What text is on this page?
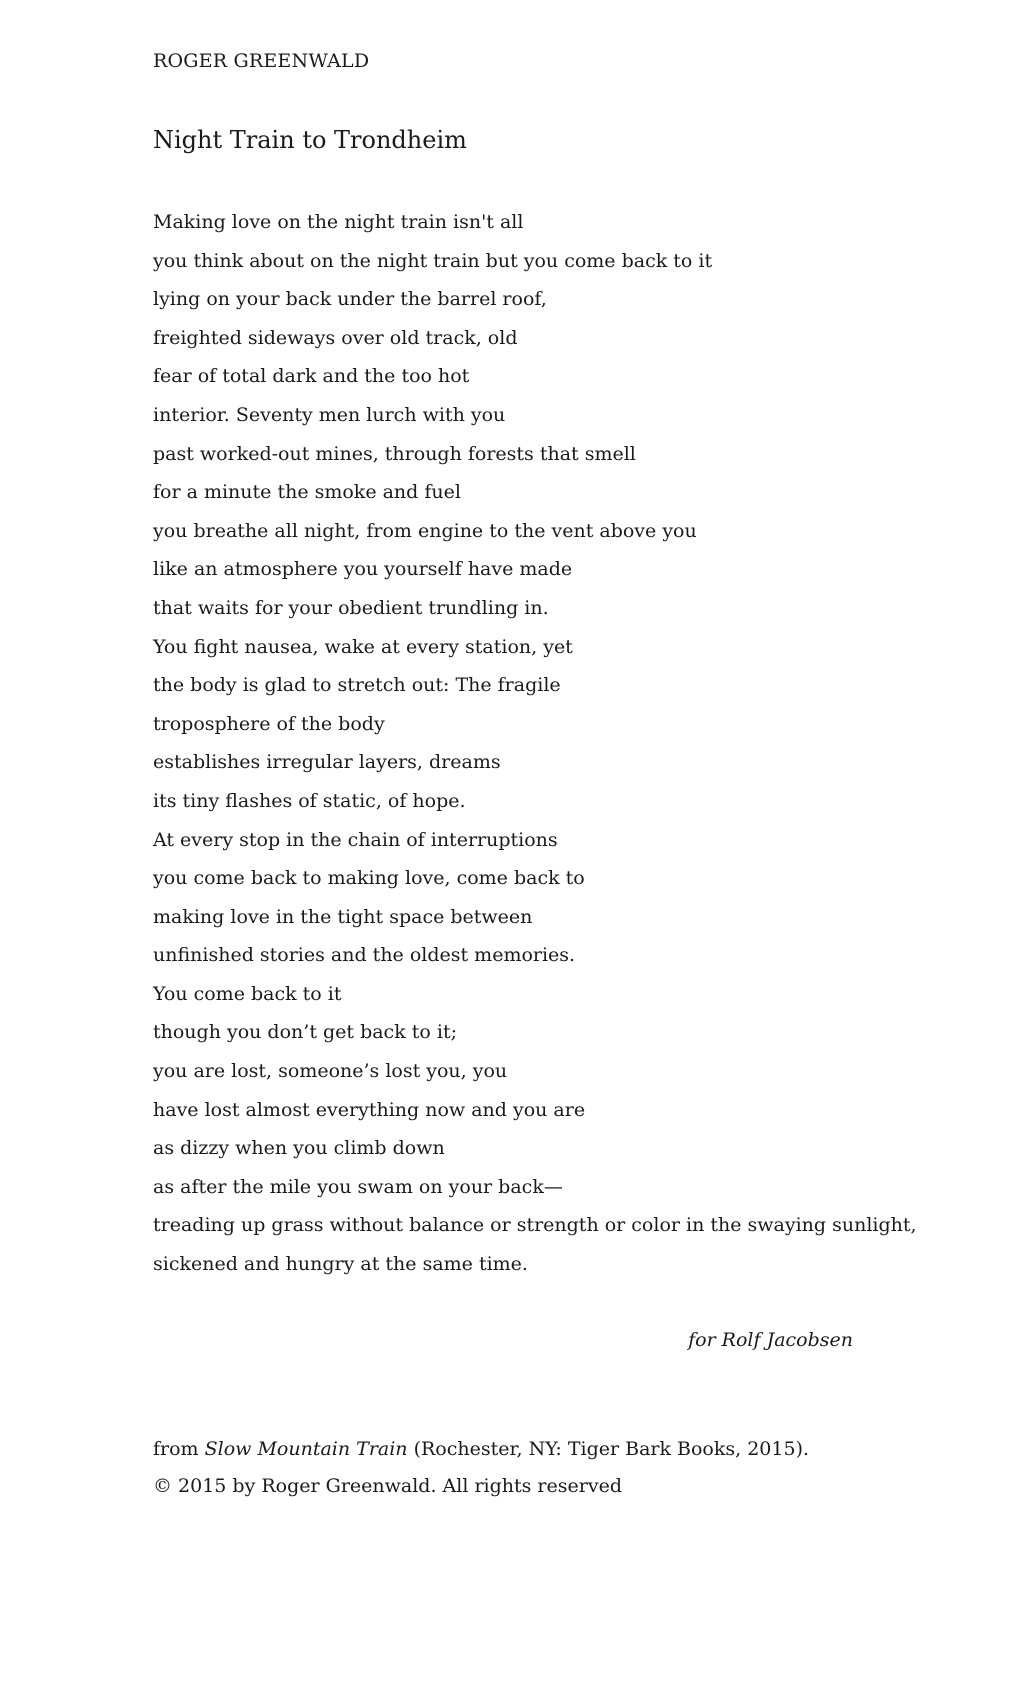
ROGER GREENWALD
Night Train to Trondheim
Making love on the night train isn't all
you think about on the night train but you come back to it
lying on your back under the barrel roof,
freighted sideways over old track, old
fear of total dark and the too hot
interior. Seventy men lurch with you
past worked-out mines, through forests that smell
for a minute the smoke and fuel
you breathe all night, from engine to the vent above you
like an atmosphere you yourself have made
that waits for your obedient trundling in.
You fight nausea, wake at every station, yet
the body is glad to stretch out: The fragile
troposphere of the body
establishes irregular layers, dreams
its tiny flashes of static, of hope.
At every stop in the chain of interruptions
you come back to making love, come back to
making love in the tight space between
unfinished stories and the oldest memories.
You come back to it
though you don’t get back to it;
you are lost, someone’s lost you, you
have lost almost everything now and you are
as dizzy when you climb down
as after the mile you swam on your back—
treading up grass without balance or strength or color in the swaying sunlight,
sickened and hungry at the same time.
for Rolf Jacobsen
from Slow Mountain Train (Rochester, NY: Tiger Bark Books, 2015).
© 2015 by Roger Greenwald. All rights reserved
